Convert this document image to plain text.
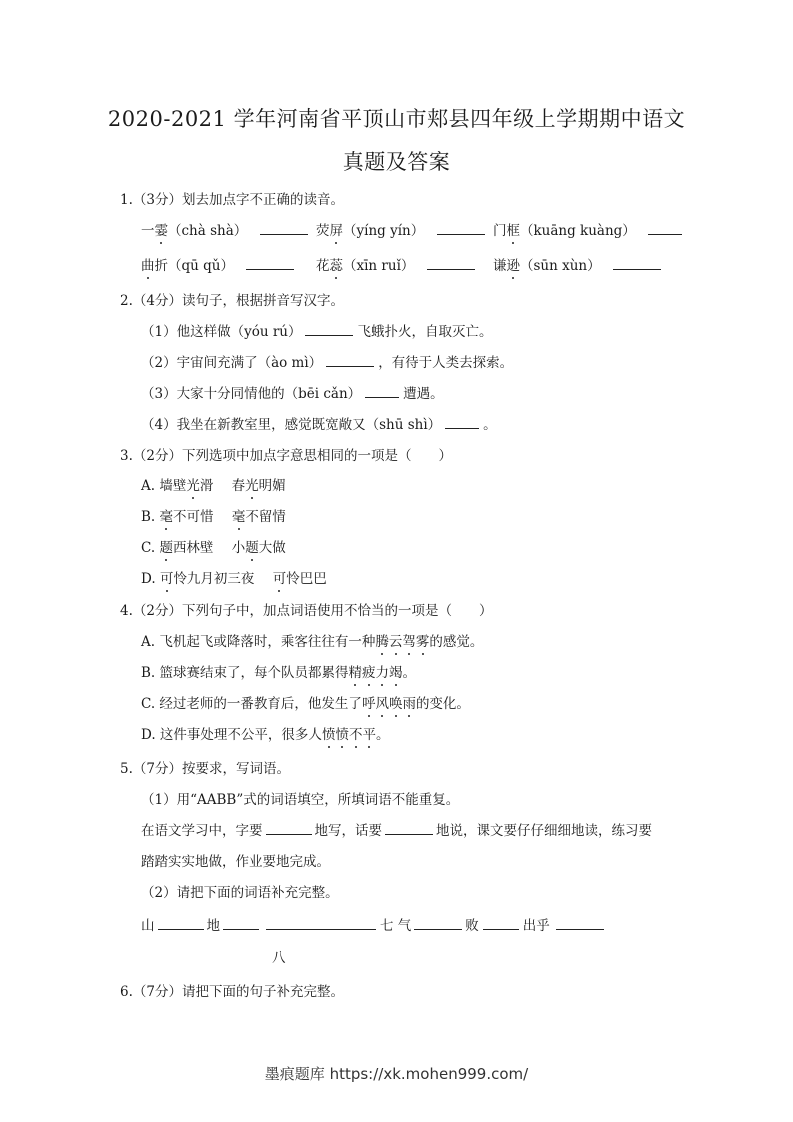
2020-2021 学年河南省平顶山市郏县四年级上学期期中语文
真题及答案
1.（3分）划去加点字不正确的读音。
一霎（chà shà）	荧屏（yíng yín）	门框（kuāng kuàng）
曲折（qū qǔ）	花蕊（xīn ruǐ）	谦逊（sūn xùn）
2.（4分）读句子，根据拼音写汉字。
（1）他这样做（yóu rú）	飞蛾扑火，自取灭亡。
（2）宇宙间充满了（ào mì）	，有待于人类去探索。
（3）大家十分同情他的（bēi cǎn）	遭遇。
（4）我坐在新教室里，感觉既宽敞又（shū shì）	。
3.（2分）下列选项中加点字意思相同的一项是（　　）
A. 墙壁光滑 春光明媚
B. 毫不可惜 毫不留情
C. 题西林壁 小题大做
D. 可怜九月初三夜 可怜巴巴
4.（2分）下列句子中，加点词语使用不恰当的一项是（　　）
A. 飞机起飞或降落时，乘客往往有一种腾云驾雾的感觉。
B. 篮球赛结束了，每个队员都累得精疲力竭。
C. 经过老师的一番教育后，他发生了呼风唤雨的变化。
D. 这件事处理不公平，很多人愤愤不平。
5.（7分）按要求，写词语。
（1）用“AABB”式的词语填空，所填词语不能重复。
在语文学习中，字要	地写，话要	地说，课文要仔仔细细地读，练习要
踏踏实实地做，作业要地完成。
（2）请把下面的词语补充完整。
山	地	七 气	败	出乎
八
6.（7分）请把下面的句子补充完整。
墨痕题库 https://xk.mohen999.com/
